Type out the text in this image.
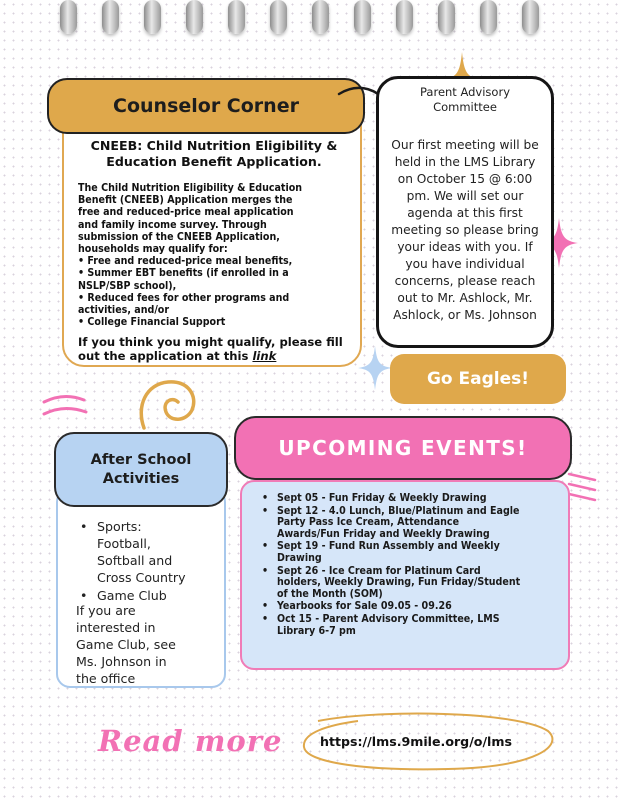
Counselor Corner
CNEEB: Child Nutrition Eligibility &
Education Benefit Application.
The Child Nutrition Eligibility & Education
Benefit (CNEEB) Application merges the
free and reduced-price meal application
and family income survey. Through
submission of the CNEEB Application,
households may qualify for:
• Free and reduced-price meal benefits,
• Summer EBT benefits (if enrolled in a
NSLP/SBP school),
• Reduced fees for other programs and
activities, and/or
• College Financial Support
If you think you might qualify, please fill
out the application at this link
Parent Advisory
Committee
Our first meeting will be
held in the LMS Library
on October 15 @ 6:00
pm. We will set our
agenda at this first
meeting so please bring
your ideas with you. If
you have individual
concerns, please reach
out to Mr. Ashlock, Mr.
Ashlock, or Ms. Johnson
Go Eagles!
After School
Activities
• Sports:
Football,
Softball and
Cross Country
• Game Club
If you are
interested in
Game Club, see
Ms. Johnson in
the office
UPCOMING EVENTS!
• Sept 05 - Fun Friday & Weekly Drawing
• Sept 12 - 4.0 Lunch, Blue/Platinum and Eagle
Party Pass Ice Cream, Attendance
Awards/Fun Friday and Weekly Drawing
• Sept 19 - Fund Run Assembly and Weekly
Drawing
• Sept 26 - Ice Cream for Platinum Card
holders, Weekly Drawing, Fun Friday/Student
of the Month (SOM)
• Yearbooks for Sale 09.05 - 09.26
• Oct 15 - Parent Advisory Committee, LMS
Library 6-7 pm
Read more	https://lms.9mile.org/o/lms
